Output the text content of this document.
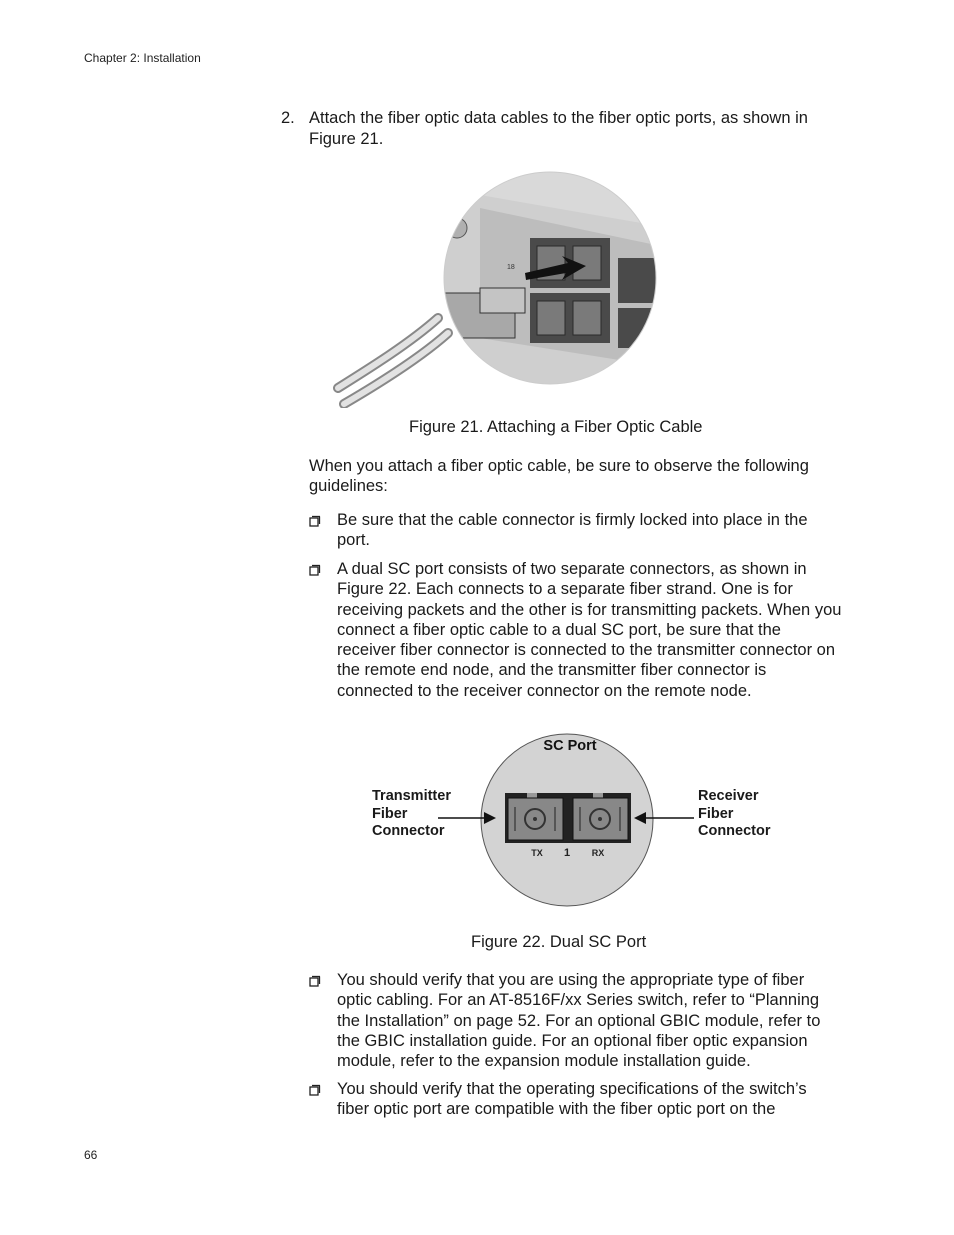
Chapter 2: Installation
2. Attach the fiber optic data cables to the fiber optic ports, as shown in Figure 21.
18
Figure 21. Attaching a Fiber Optic Cable
When you attach a fiber optic cable, be sure to observe the following guidelines:
Be sure that the cable connector is firmly locked into place in the port.
A dual SC port consists of two separate connectors, as shown in Figure 22. Each connects to a separate fiber strand. One is for receiving packets and the other is for transmitting packets. When you connect a fiber optic cable to a dual SC port, be sure that the receiver fiber connector is connected to the transmitter connector on the remote end node, and the transmitter fiber connector is connected to the receiver connector on the remote node.
SC Port
TX 1 RX
Transmitter
Fiber
Connector
Receiver
Fiber
Connector
Figure 22. Dual SC Port
You should verify that you are using the appropriate type of fiber optic cabling. For an AT-8516F/xx Series switch, refer to “Planning the Installation” on page 52. For an optional GBIC module, refer to the GBIC installation guide. For an optional fiber optic expansion module, refer to the expansion module installation guide.
You should verify that the operating specifications of the switch’s fiber optic port are compatible with the fiber optic port on the
66
